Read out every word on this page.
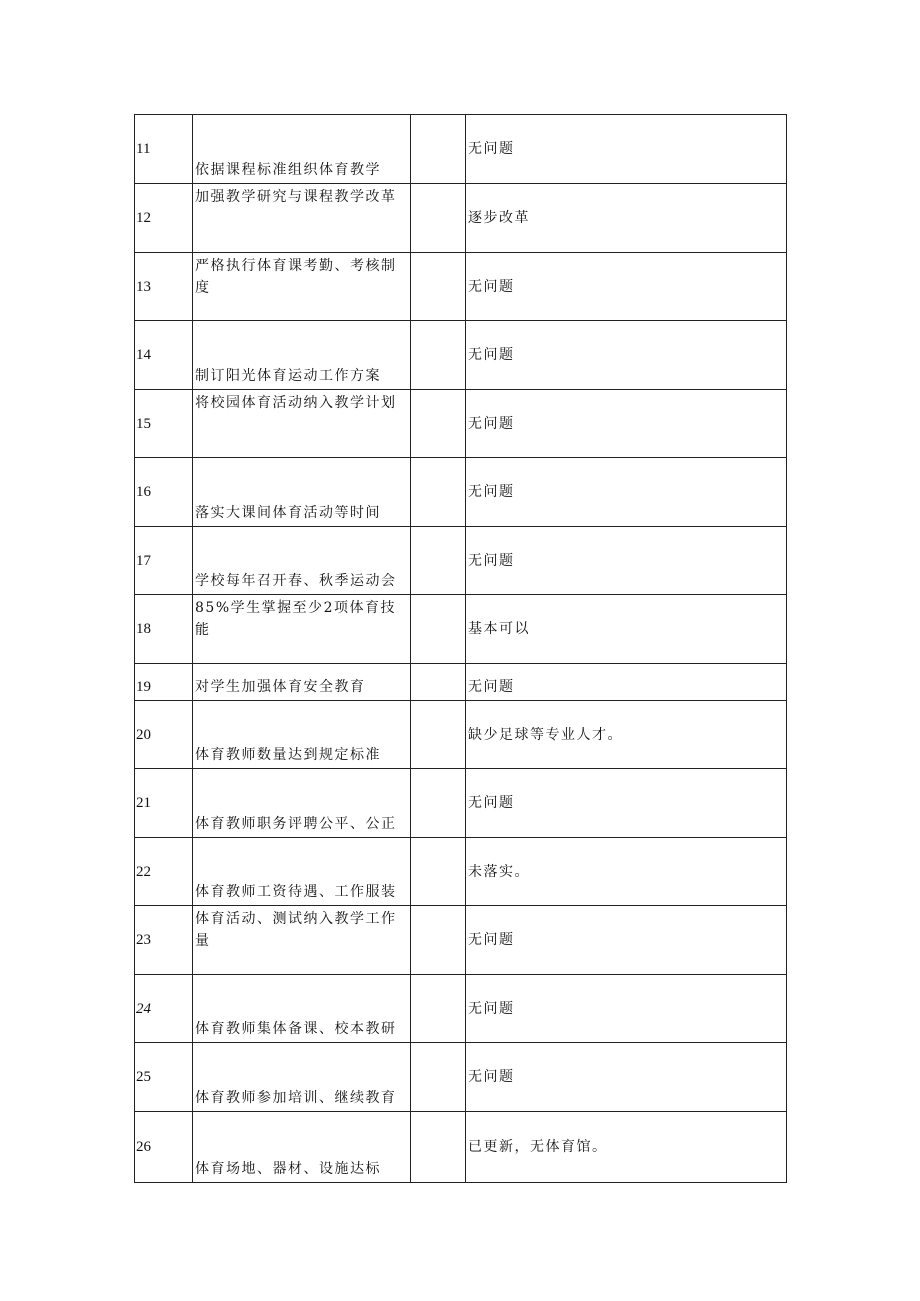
11	依据课程标准组织体育教学		无问题
12	加强教学研究与课程教学改革		逐步改革
13	严格执行体育课考勤、考核制度		无问题
14	制订阳光体育运动工作方案		无问题
15	将校园体育活动纳入教学计划		无问题
16	落实大课间体育活动等时间		无问题
17	学校每年召开春、秋季运动会		无问题
18	85%学生掌握至少2项体育技能		基本可以
19	对学生加强体育安全教育		无问题
20	体育教师数量达到规定标准		缺少足球等专业人才。
21	体育教师职务评聘公平、公正		无问题
22	体育教师工资待遇、工作服装		未落实。
23	体育活动、测试纳入教学工作量		无问题
24	体育教师集体备课、校本教研		无问题
25	体育教师参加培训、继续教育		无问题
26	体育场地、器材、设施达标		已更新，无体育馆。
